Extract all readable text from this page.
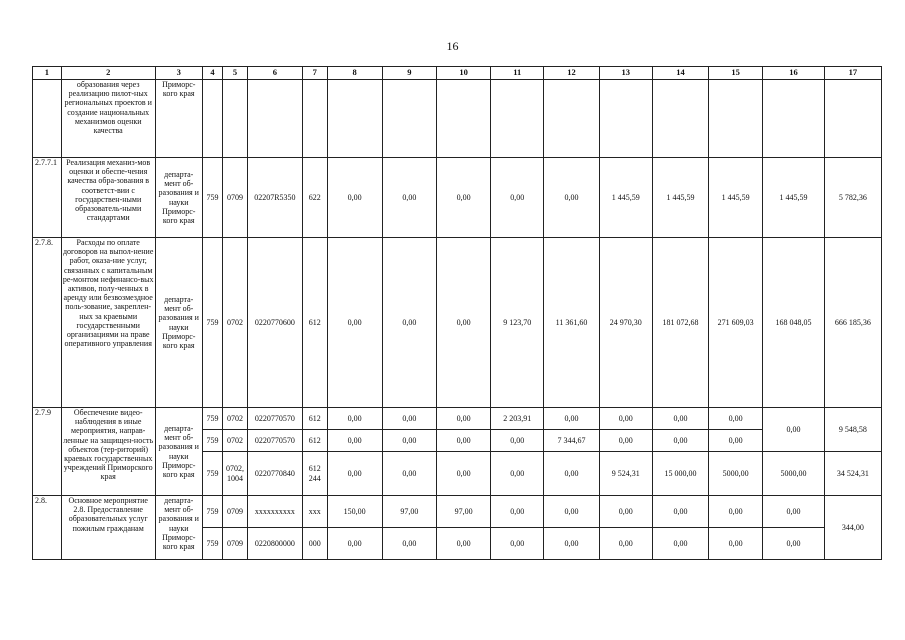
16
1	2	3	4	5	6	7	8	9	10	11	12	13	14	15	16	17
	образования через реализацию пилот-ных региональных проектов и создание национальных механизмов оценки качества	Приморс-кого края														
2.7.7.1	Реализация механиз-мов оценки и обеспе-чения качества обра-зования в соответст-вии с государствен-ными образователь-ными стандартами	департа-мент об-разования и науки Приморс-кого края	759	0709	02207R5350	622	0,00	0,00	0,00	0,00	0,00	1 445,59	1 445,59	1 445,59	1 445,59	5 782,36
2.7.8.	Расходы по оплате договоров на выпол-нение работ, оказа-ние услуг, связанных с капитальным ре-монтом нефинансо-вых активов, полу-ченных в аренду или безвозмездное поль-зование, закреплен-ных за краевыми государственными организациями на праве оперативного управления	департа-мент об-разования и науки Приморс-кого края	759	0702	0220770600	612	0,00	0,00	0,00	9 123,70	11 361,60	24 970,30	181 072,68	271 609,03	168 048,05	666 185,36
2.7.9	Обеспечение видео-наблюдения в иные мероприятия, направ-ленные на защищен-ность объектов (тер-риторий) краевых государственных учреждений Приморского края	департа-мент об-разования и науки Приморс-кого края	759	0702	0220770570	612	0,00	0,00	0,00	2 203,91	0,00	0,00	0,00	0,00	0,00	9 548,58
			759	0702	0220770570	612	0,00	0,00	0,00	0,00	7 344,67	0,00	0,00	0,00		
			759	0702, 1004	0220770840	612 244	0,00	0,00	0,00	0,00	0,00	9 524,31	15 000,00	5000,00	5000,00	34 524,31
2.8.	Основное мероприятие 2.8. Предоставление образовательных услуг пожилым гражданам	департа-мент об-разования и науки Приморс-кого края	759	0709	xxxxxxxxxx	xxx	150,00	97,00	97,00	0,00	0,00	0,00	0,00	0,00	0,00	344,00
			759	0709	0220800000	000	0,00	0,00	0,00	0,00	0,00	0,00	0,00	0,00	0,00	
